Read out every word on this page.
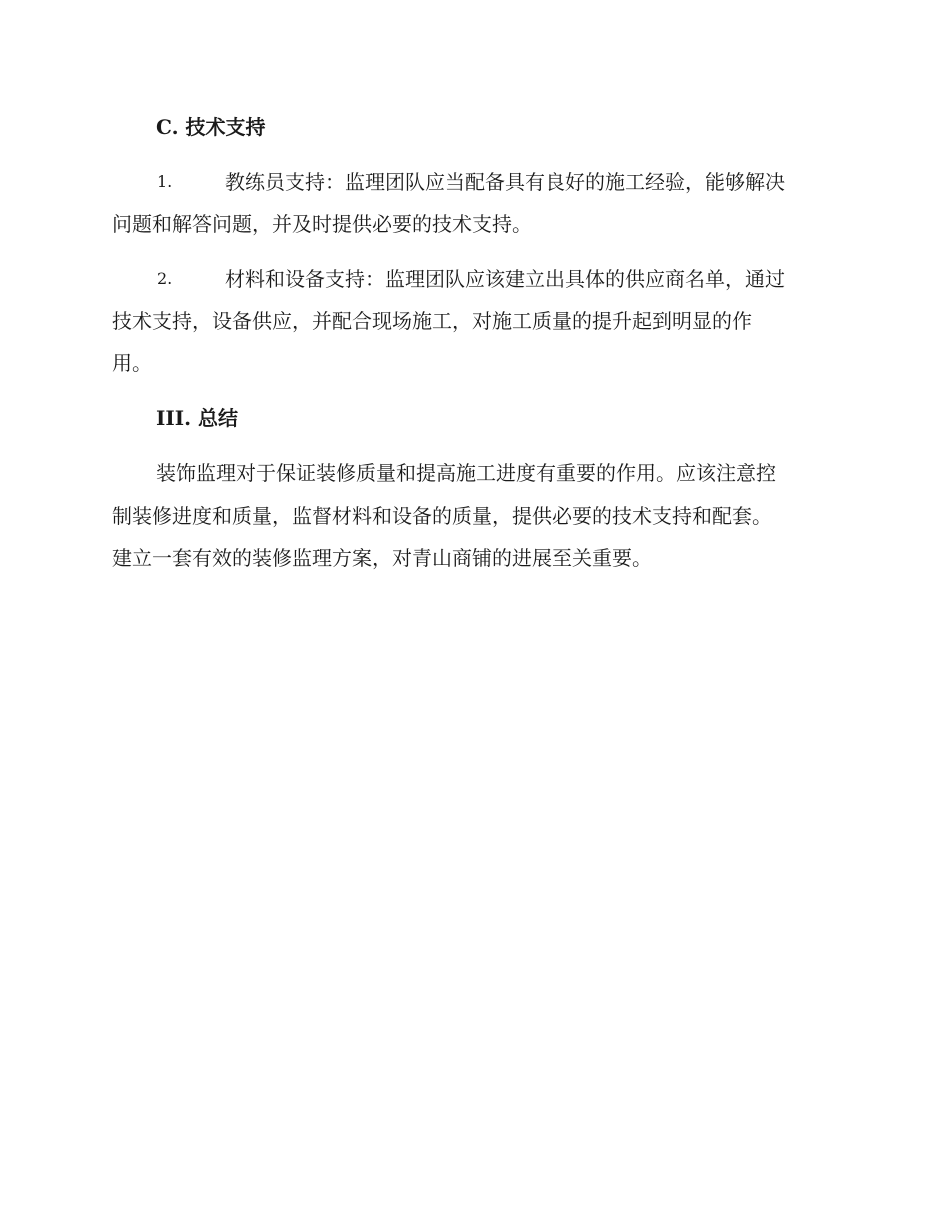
C. 技术支持
1.	教练员支持：监理团队应当配备具有良好的施工经验，能够解决
问题和解答问题，并及时提供必要的技术支持。
2.	材料和设备支持：监理团队应该建立出具体的供应商名单，通过
技术支持，设备供应，并配合现场施工，对施工质量的提升起到明显的作
用。
III. 总结
装饰监理对于保证装修质量和提高施工进度有重要的作用。应该注意控
制装修进度和质量，监督材料和设备的质量，提供必要的技术支持和配套。
建立一套有效的装修监理方案，对青山商铺的进展至关重要。
